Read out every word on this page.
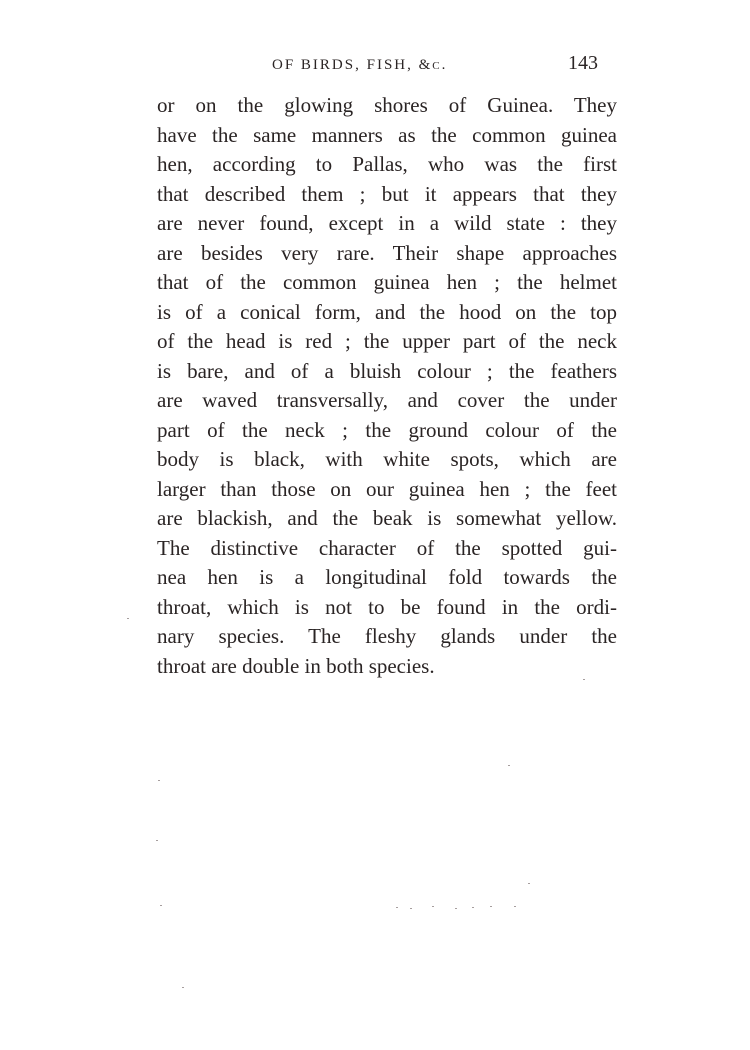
OF BIRDS, FISH, &c.	143
or on the glowing shores of Guinea. They
have the same manners as the common guinea
hen, according to Pallas, who was the first
that described them ; but it appears that they
are never found, except in a wild state : they
are besides very rare. Their shape approaches
that of the common guinea hen ; the helmet
is of a conical form, and the hood on the top
of the head is red ; the upper part of the neck
is bare, and of a bluish colour ; the feathers
are waved transversally, and cover the under
part of the neck ; the ground colour of the
body is black, with white spots, which are
larger than those on our guinea hen ; the feet
are blackish, and the beak is somewhat yellow.
The distinctive character of the spotted gui-
nea hen is a longitudinal fold towards the
throat, which is not to be found in the ordi-
nary species. The fleshy glands under the
throat are double in both species.
